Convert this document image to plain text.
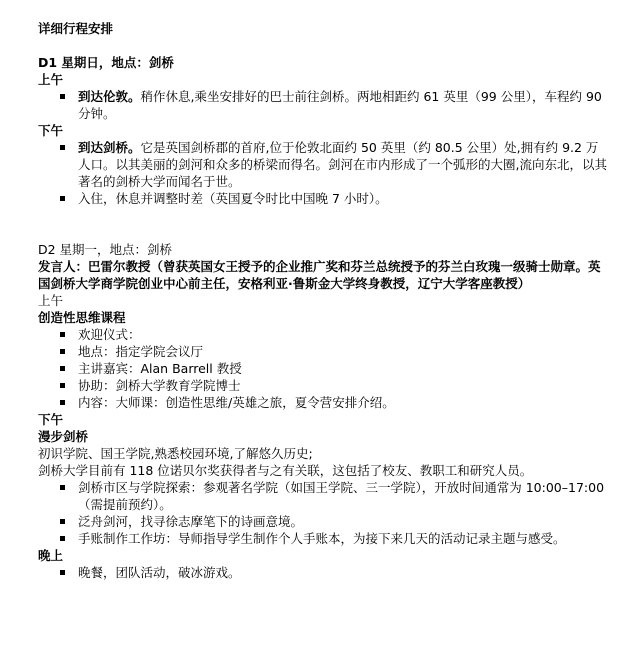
详细行程安排
D1 星期日，地点：剑桥
上午
到达伦敦。稍作休息,乘坐安排好的巴士前往剑桥。两地相距约 61 英里（99 公里），车程约 90 分钟。
下午
到达剑桥。它是英国剑桥郡的首府,位于伦敦北面约 50 英里（约 80.5 公里）处,拥有约 9.2 万人口。以其美丽的剑河和众多的桥梁而得名。剑河在市内形成了一个弧形的大圈,流向东北，以其著名的剑桥大学而闻名于世。
入住，休息并调整时差（英国夏令时比中国晚 7 小时）。
D2 星期一，地点：剑桥
发言人：巴雷尔教授（曾获英国女王授予的企业推广奖和芬兰总统授予的芬兰白玫瑰一级骑士勋章。英国剑桥大学商学院创业中心前主任，安格利亚·鲁斯金大学终身教授，辽宁大学客座教授）
上午
创造性思维课程
欢迎仪式：
地点：指定学院会议厅
主讲嘉宾：Alan Barrell 教授
协助：剑桥大学教育学院博士
内容：大师课：创造性思维/英雄之旅，夏令营安排介绍。
下午
漫步剑桥

初识学院、国王学院,熟悉校园环境,了解悠久历史;

剑桥大学目前有 118 位诺贝尔奖获得者与之有关联，这包括了校友、教职工和研究人员。

剑桥市区与学院探索：参观著名学院（如国王学院、三一学院），开放时间通常为 10:00–17:00（需提前预约）。
泛舟剑河，找寻徐志摩笔下的诗画意境。
手账制作工作坊：导师指导学生制作个人手账本，为接下来几天的活动记录主题与感受。
晚上
晚餐，团队活动，破冰游戏。
